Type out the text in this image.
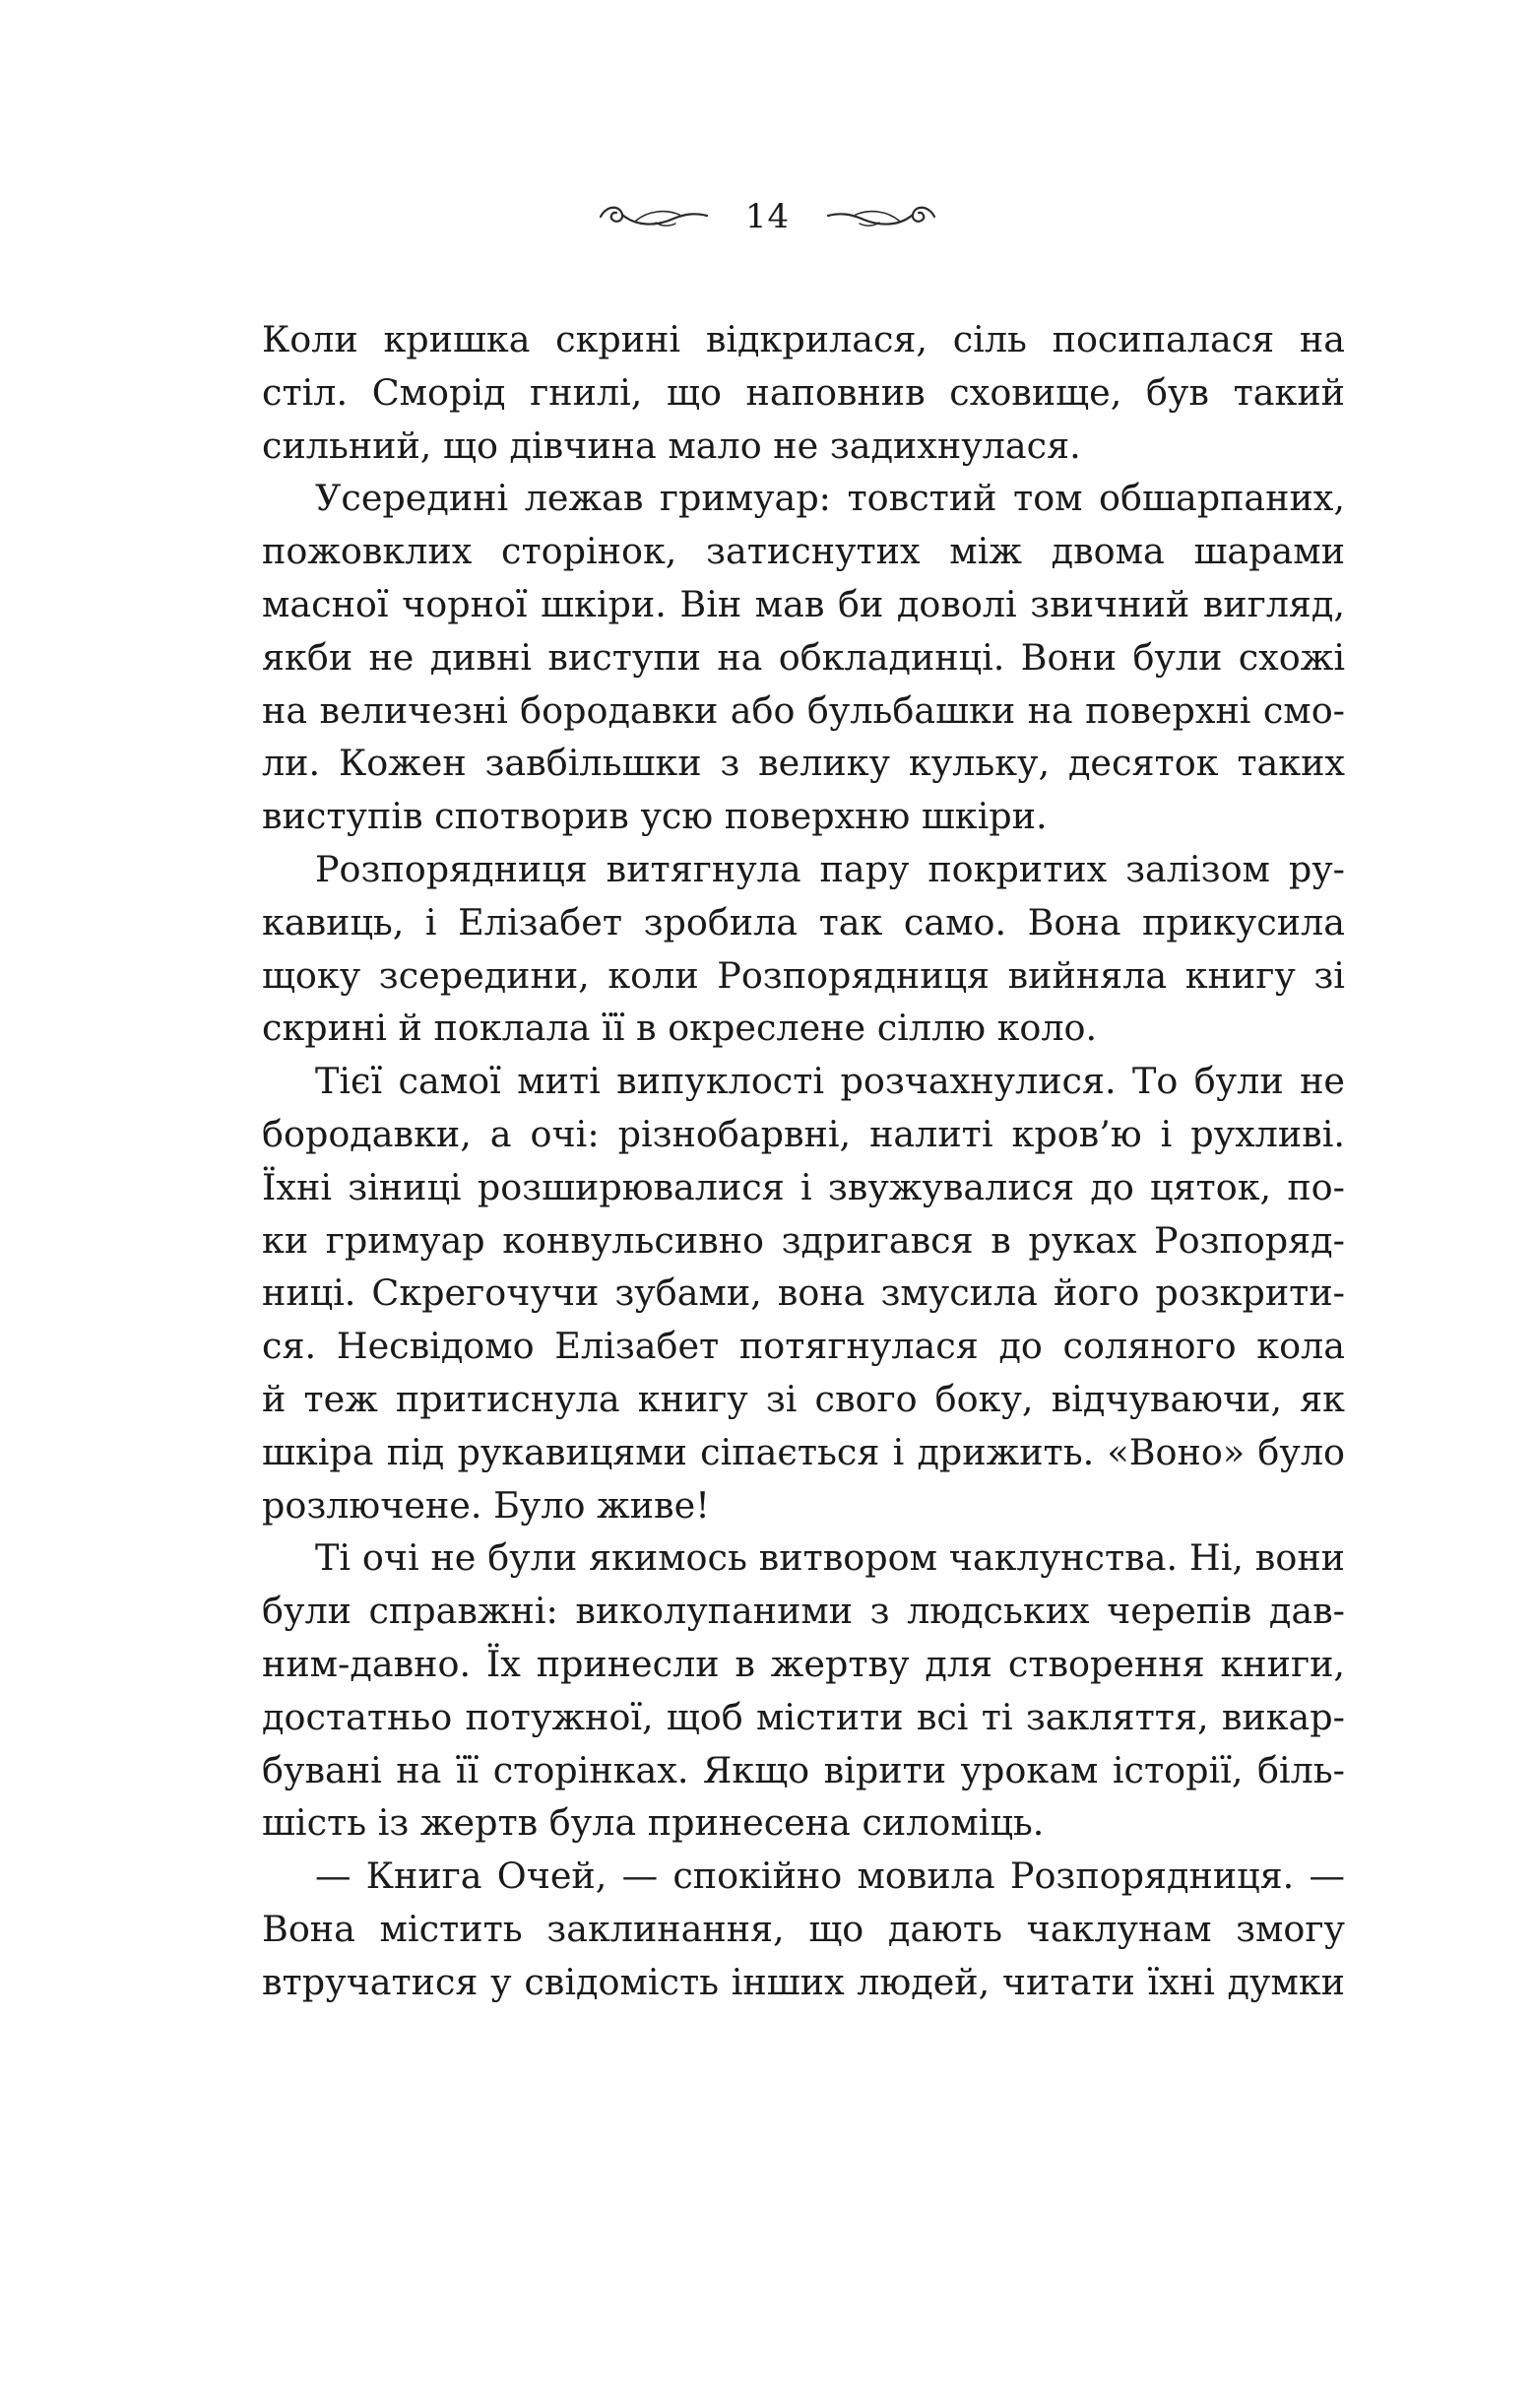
14

Коли кришка скрині відкрилася, сіль посипалася на
стіл. Сморід гнилі, що наповнив сховище, був такий
сильний, що дівчина мало не задихнулася.

Усередині лежав гримуар: товстий том обшарпаних,
пожовклих сторінок, затиснутих між двома шарами
масної чорної шкіри. Він мав би доволі звичний вигляд,
якби не дивні виступи на обкладинці. Вони були схожі
на величезні бородавки або бульбашки на поверхні смо-
ли. Кожен завбільшки з велику кульку, десяток таких
виступів спотворив усю поверхню шкіри.

Розпорядниця витягнула пару покритих залізом ру-
кавиць, і Елізабет зробила так само. Вона прикусила
щоку зсередини, коли Розпорядниця вийняла книгу зі
скрині й поклала її в окреслене сіллю коло.

Тієї самої миті випуклості розчахнулися. То були не
бородавки, а очі: різнобарвні, налиті кров’ю і рухливі.
Їхні зіниці розширювалися і звужувалися до цяток, по-
ки гримуар конвульсивно здригався в руках Розпоряд-
ниці. Скрегочучи зубами, вона змусила його розкрити-
ся. Несвідомо Елізабет потягнулася до соляного кола
й теж притиснула книгу зі свого боку, відчуваючи, як
шкіра під рукавицями сіпається і дрижить. «Воно» було
розлючене. Було живе!

Ті очі не були якимось витвором чаклунства. Ні, вони
були справжні: виколупаними з людських черепів дав-
ним-давно. Їх принесли в жертву для створення книги,
достатньо потужної, щоб містити всі ті закляття, викар-
бувані на її сторінках. Якщо вірити урокам історії, біль-
шість із жертв була принесена силоміць.

— Книга Очей, — спокійно мовила Розпорядниця. —
Вона містить заклинання, що дають чаклунам змогу
втручатися у свідомість інших людей, читати їхні думки
